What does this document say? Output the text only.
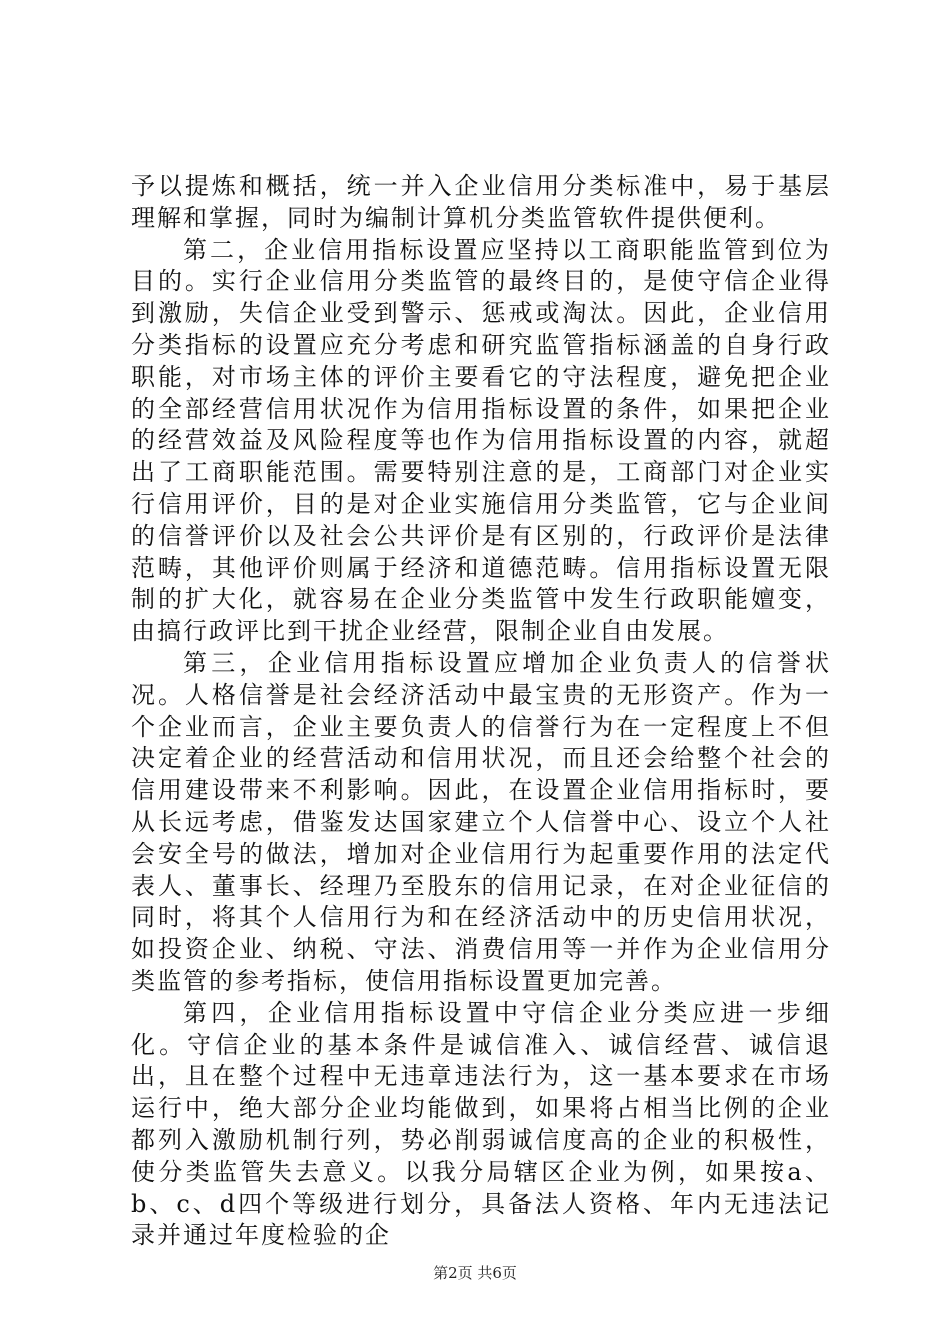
予以提炼和概括，统一并入企业信用分类标准中，易于基层理解和掌握，同时为编制计算机分类监管软件提供便利。

第二，企业信用指标设置应坚持以工商职能监管到位为目的。实行企业信用分类监管的最终目的，是使守信企业得到激励，失信企业受到警示、惩戒或淘汰。因此，企业信用分类指标的设置应充分考虑和研究监管指标涵盖的自身行政职能，对市场主体的评价主要看它的守法程度，避免把企业的全部经营信用状况作为信用指标设置的条件，如果把企业的经营效益及风险程度等也作为信用指标设置的内容，就超出了工商职能范围。需要特别注意的是，工商部门对企业实行信用评价，目的是对企业实施信用分类监管，它与企业间的信誉评价以及社会公共评价是有区别的，行政评价是法律范畴，其他评价则属于经济和道德范畴。信用指标设置无限制的扩大化，就容易在企业分类监管中发生行政职能嬗变，由搞行政评比到干扰企业经营，限制企业自由发展。

第三，企业信用指标设置应增加企业负责人的信誉状况。人格信誉是社会经济活动中最宝贵的无形资产。作为一个企业而言，企业主要负责人的信誉行为在一定程度上不但决定着企业的经营活动和信用状况，而且还会给整个社会的信用建设带来不利影响。因此，在设置企业信用指标时，要从长远考虑，借鉴发达国家建立个人信誉中心、设立个人社会安全号的做法，增加对企业信用行为起重要作用的法定代表人、董事长、经理乃至股东的信用记录，在对企业征信的同时，将其个人信用行为和在经济活动中的历史信用状况，如投资企业、纳税、守法、消费信用等一并作为企业信用分类监管的参考指标，使信用指标设置更加完善。

第四，企业信用指标设置中守信企业分类应进一步细化。守信企业的基本条件是诚信准入、诚信经营、诚信退出，且在整个过程中无违章违法行为，这一基本要求在市场运行中，绝大部分企业均能做到，如果将占相当比例的企业都列入激励机制行列，势必削弱诚信度高的企业的积极性，使分类监管失去意义。以我分局辖区企业为例，如果按a、b、c、d四个等级进行划分，具备法人资格、年内无违法记录并通过年度检验的企

第2页 共6页
